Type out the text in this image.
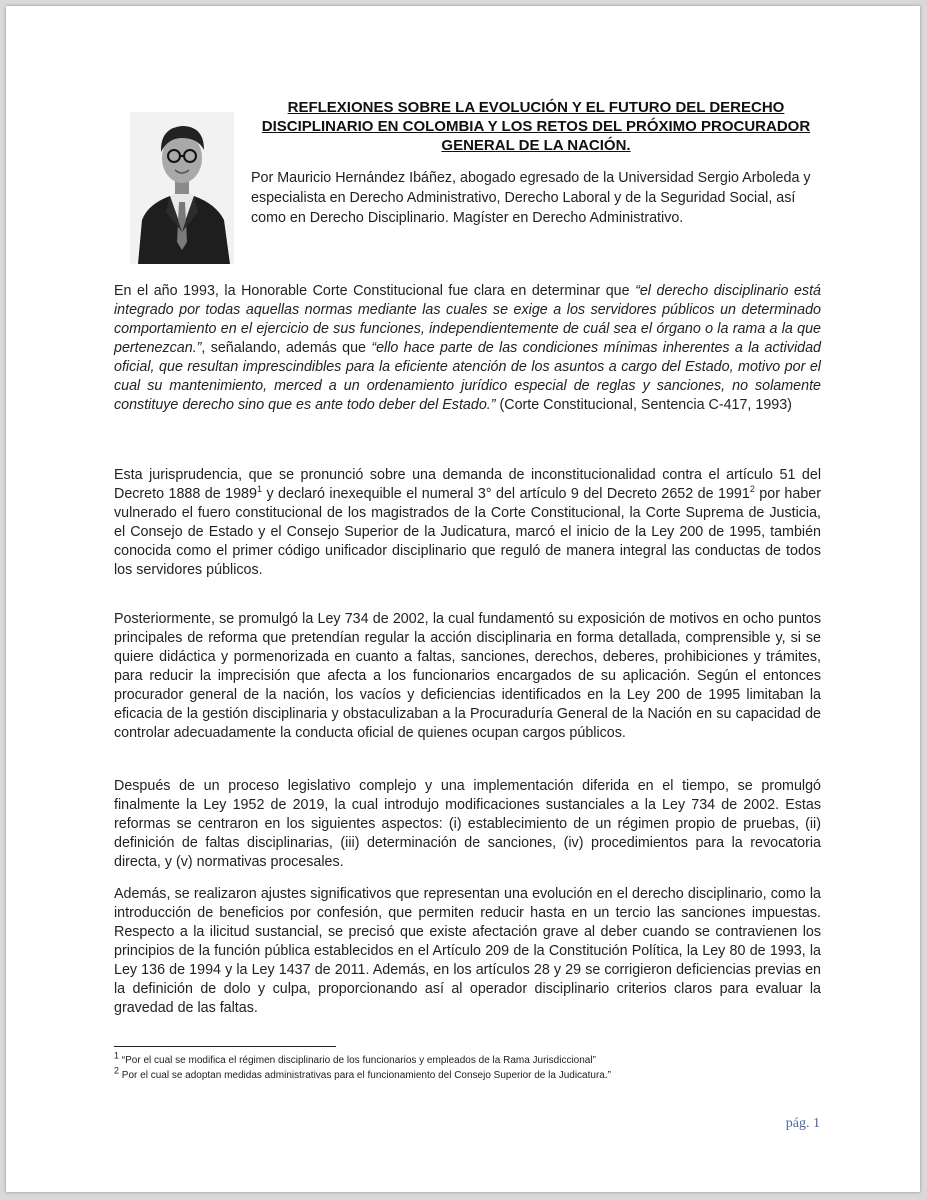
REFLEXIONES SOBRE LA EVOLUCIÓN Y EL FUTURO DEL DERECHO DISCIPLINARIO EN COLOMBIA Y LOS RETOS DEL PRÓXIMO PROCURADOR GENERAL DE LA NACIÓN.
Por Mauricio Hernández Ibáñez, abogado egresado de la Universidad Sergio Arboleda y especialista en Derecho Administrativo, Derecho Laboral y de la Seguridad Social, así como en Derecho Disciplinario. Magíster en Derecho Administrativo.
En el año 1993, la Honorable Corte Constitucional fue clara en determinar que “el derecho disciplinario está integrado por todas aquellas normas mediante las cuales se exige a los servidores públicos un determinado comportamiento en el ejercicio de sus funciones, independientemente de cuál sea el órgano o la rama a la que pertenezcan.”, señalando, además que “ello hace parte de las condiciones mínimas inherentes a la actividad oficial, que resultan imprescindibles para la eficiente atención de los asuntos a cargo del Estado, motivo por el cual su mantenimiento, merced a un ordenamiento jurídico especial de reglas y sanciones, no solamente constituye derecho sino que es ante todo deber del Estado.” (Corte Constitucional, Sentencia C-417, 1993)
Esta jurisprudencia, que se pronunció sobre una demanda de inconstitucionalidad contra el artículo 51 del Decreto 1888 de 1989$^1$ y declaró inexequible el numeral 3° del artículo 9 del Decreto 2652 de 1991$^2$ por haber vulnerado el fuero constitucional de los magistrados de la Corte Constitucional, la Corte Suprema de Justicia, el Consejo de Estado y el Consejo Superior de la Judicatura, marcó el inicio de la Ley 200 de 1995, también conocida como el primer código unificador disciplinario que reguló de manera integral las conductas de todos los servidores públicos.
Posteriormente, se promulgó la Ley 734 de 2002, la cual fundamentó su exposición de motivos en ocho puntos principales de reforma que pretendían regular la acción disciplinaria en forma detallada, comprensible y, si se quiere didáctica y pormenorizada en cuanto a faltas, sanciones, derechos, deberes, prohibiciones y trámites, para reducir la imprecisión que afecta a los funcionarios encargados de su aplicación. Según el entonces procurador general de la nación, los vacíos y deficiencias identificados en la Ley 200 de 1995 limitaban la eficacia de la gestión disciplinaria y obstaculizaban a la Procuraduría General de la Nación en su capacidad de controlar adecuadamente la conducta oficial de quienes ocupan cargos públicos.
Después de un proceso legislativo complejo y una implementación diferida en el tiempo, se promulgó finalmente la Ley 1952 de 2019, la cual introdujo modificaciones sustanciales a la Ley 734 de 2002. Estas reformas se centraron en los siguientes aspectos: (i) establecimiento de un régimen propio de pruebas, (ii) definición de faltas disciplinarias, (iii) determinación de sanciones, (iv) procedimientos para la revocatoria directa, y (v) normativas procesales.
Además, se realizaron ajustes significativos que representan una evolución en el derecho disciplinario, como la introducción de beneficios por confesión, que permiten reducir hasta en un tercio las sanciones impuestas. Respecto a la ilicitud sustancial, se precisó que existe afectación grave al deber cuando se contravienen los principios de la función pública establecidos en el Artículo 209 de la Constitución Política, la Ley 80 de 1993, la Ley 136 de 1994 y la Ley 1437 de 2011. Además, en los artículos 28 y 29 se corrigieron deficiencias previas en la definición de dolo y culpa, proporcionando así al operador disciplinario criterios claros para evaluar la gravedad de las faltas.
$^1$ “Por el cual se modifica el régimen disciplinario de los funcionarios y empleados de la Rama Jurisdiccional”
$^2$ Por el cual se adoptan medidas administrativas para el funcionamiento del Consejo Superior de la Judicatura.”
pág. 1
